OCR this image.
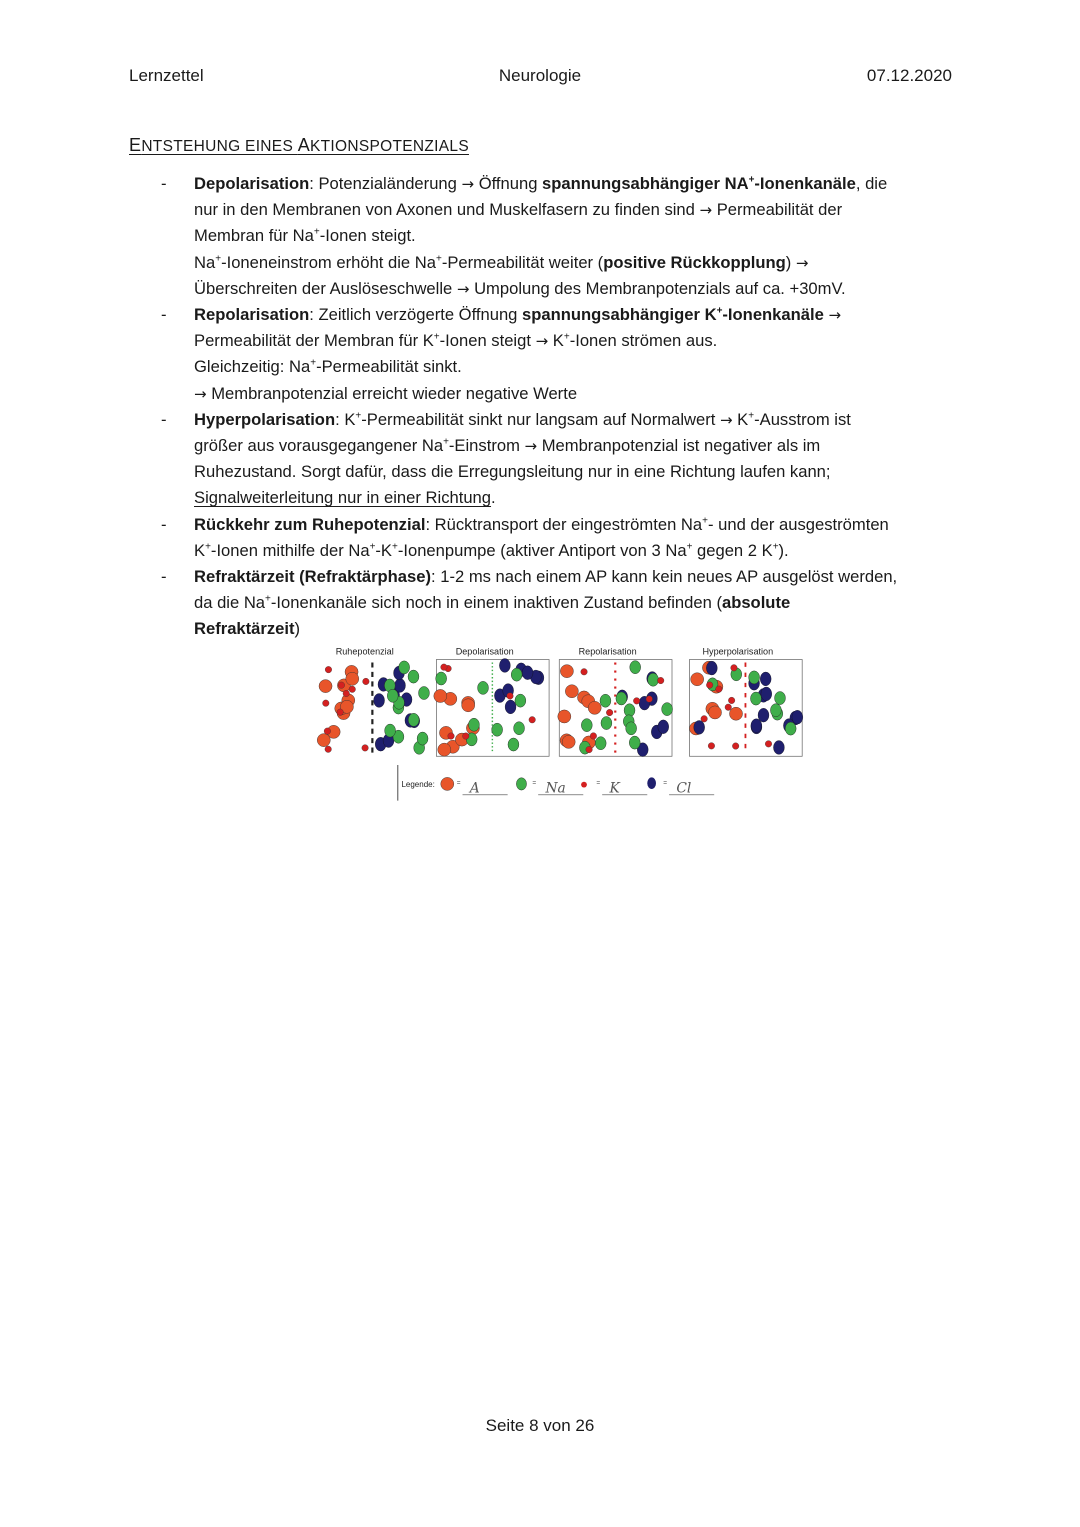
Lernzettel	Neurologie	07.12.2020
ENTSTEHUNG EINES AKTIONSPOTENZIALS
- Depolarisation: Potenzialänderung → Öffnung spannungsabhängiger NA+-Ionenkanäle, die
nur in den Membranen von Axonen und Muskelfasern zu finden sind → Permeabilität der
Membran für Na+-Ionen steigt.
Na+-Ioneneinstrom erhöht die Na+-Permeabilität weiter (positive Rückkopplung) →
Überschreiten der Auslöseschwelle → Umpolung des Membranpotenzials auf ca. +30mV.
- Repolarisation: Zeitlich verzögerte Öffnung spannungsabhängiger K+-Ionenkanäle →
Permeabilität der Membran für K+-Ionen steigt → K+-Ionen strömen aus.
Gleichzeitig: Na+-Permeabilität sinkt.
→ Membranpotenzial erreicht wieder negative Werte
- Hyperpolarisation: K+-Permeabilität sinkt nur langsam auf Normalwert → K+-Ausstrom ist
größer aus vorausgegangener Na+-Einstrom → Membranpotenzial ist negativer als im
Ruhezustand. Sorgt dafür, dass die Erregungsleitung nur in eine Richtung laufen kann;
Signalweiterleitung nur in einer Richtung.
- Rückkehr zum Ruhepotenzial: Rücktransport der eingeströmten Na+- und der ausgeströmten
K+-Ionen mithilfe der Na+-K+-Ionenpumpe (aktiver Antiport von 3 Na+ gegen 2 K+).
- Refraktärzeit (Refraktärphase): 1-2 ms nach einem AP kann kein neues AP ausgelöst werden,
da die Na+-Ionenkanäle sich noch in einem inaktiven Zustand befinden (absolute
Refraktärzeit)
Ruhepotenzial	Depolarisation	Repolarisation	Hyperpolarisation
Legende: = A	= Na	= K	= Cl
Seite 8 von 26
